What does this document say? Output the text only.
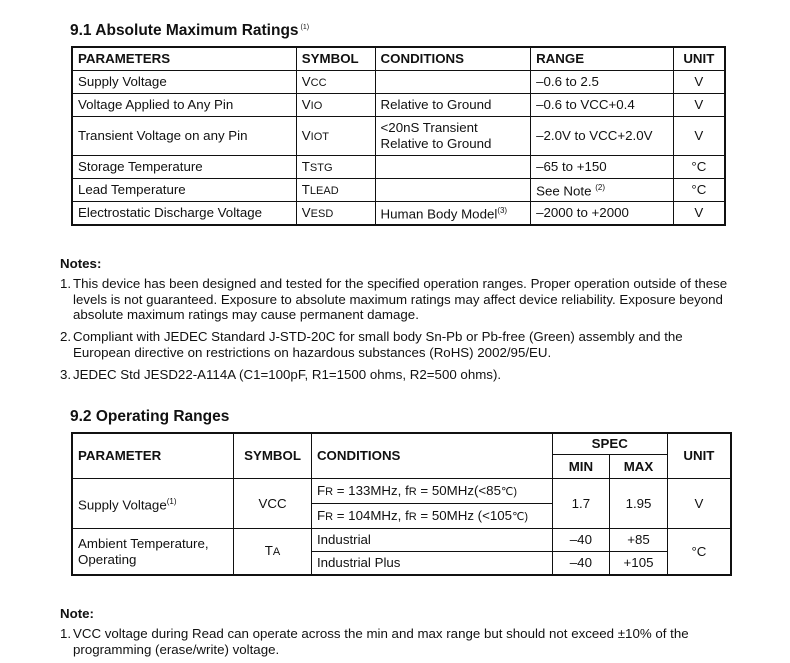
9.1 Absolute Maximum Ratings $^{(1)}$
PARAMETERS	SYMBOL	CONDITIONS	RANGE	UNIT
Supply Voltage	VCC		–0.6 to 2.5	V
Voltage Applied to Any Pin	VIO	Relative to Ground	–0.6 to VCC+0.4	V
Transient Voltage on any Pin	VIOT	<20nS Transient Relative to Ground	–2.0V to VCC+2.0V	V
Storage Temperature	TSTG		–65 to +150	°C
Lead Temperature	TLEAD		See Note $^{(2)}$	°C
Electrostatic Discharge Voltage	VESD	Human Body Model$^{(3)}$	–2000 to +2000	V
Notes:
1. This device has been designed and tested for the specified operation ranges. Proper operation outside of these levels is not guaranteed. Exposure to absolute maximum ratings may affect device reliability. Exposure beyond absolute maximum ratings may cause permanent damage.
2. Compliant with JEDEC Standard J-STD-20C for small body Sn-Pb or Pb-free (Green) assembly and the European directive on restrictions on hazardous substances (RoHS) 2002/95/EU.
3. JEDEC Std JESD22-A114A (C1=100pF, R1=1500 ohms, R2=500 ohms).
9.2 Operating Ranges
PARAMETER	SYMBOL	CONDITIONS	SPEC		UNIT
			MIN	MAX	
Supply Voltage$^{(1)}$	VCC	FR = 133MHz, fR = 50MHz(<85℃)	1.7	1.95	V
		FR = 104MHz, fR = 50MHz (<105℃)			
Ambient Temperature,
Operating	TA	Industrial	–40	+85	°C
		Industrial Plus	–40	+105	
Note:
1. VCC voltage during Read can operate across the min and max range but should not exceed ±10% of the programming (erase/write) voltage.
